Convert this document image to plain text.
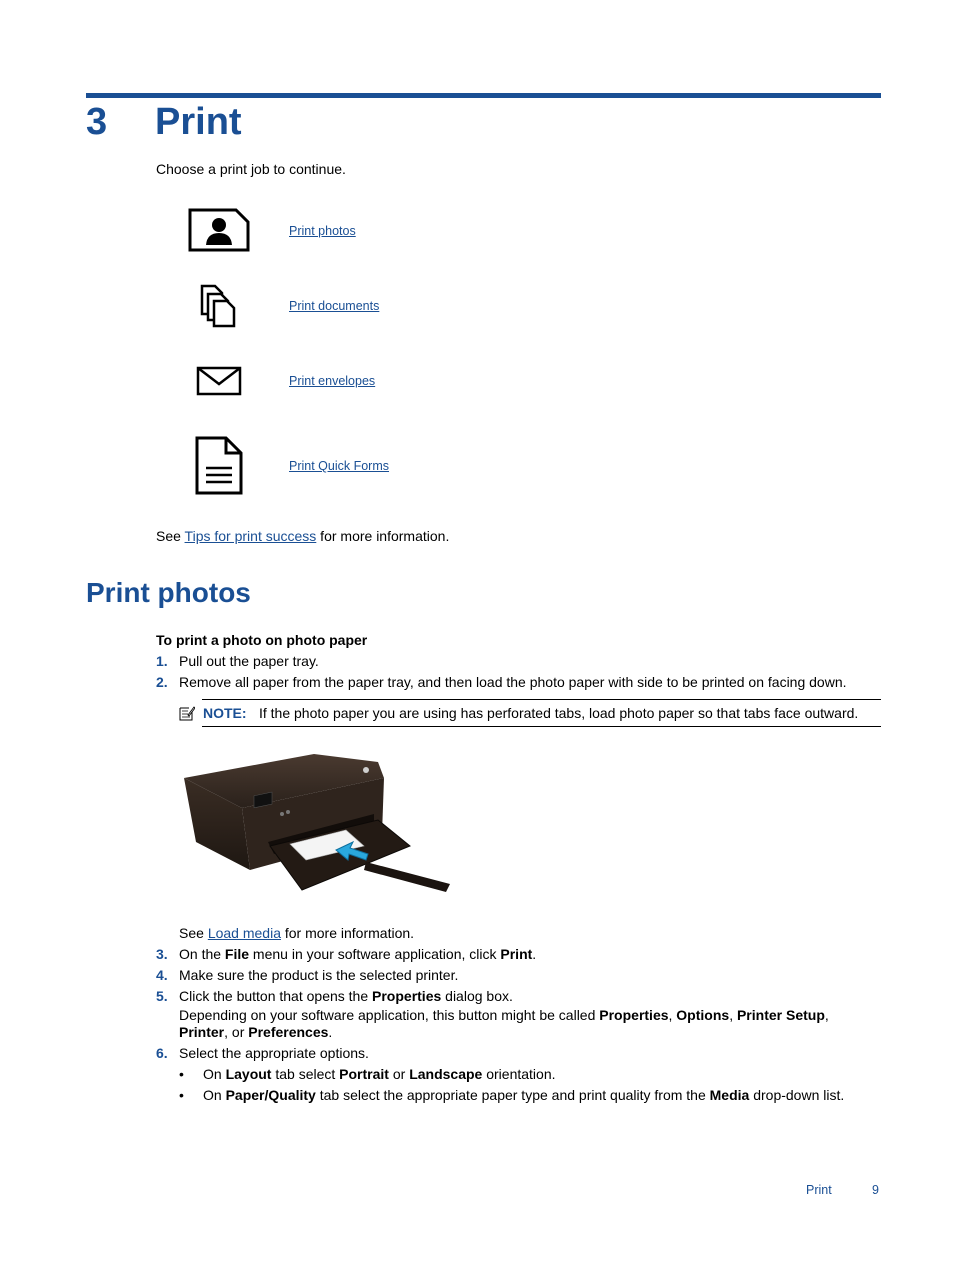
3 Print
Choose a print job to continue.
Print photos
Print documents
Print envelopes
Print Quick Forms
See Tips for print success for more information.
Print photos
To print a photo on photo paper
1. Pull out the paper tray.
2. Remove all paper from the paper tray, and then load the photo paper with side to be printed on facing down.
NOTE: If the photo paper you are using has perforated tabs, load photo paper so that tabs face outward.
See Load media for more information.
3. On the File menu in your software application, click Print.
4. Make sure the product is the selected printer.
5. Click the button that opens the Properties dialog box.
Depending on your software application, this button might be called Properties, Options, Printer Setup,
Printer, or Preferences.
6. Select the appropriate options.
•	On Layout tab select Portrait or Landscape orientation.
•	On Paper/Quality tab select the appropriate paper type and print quality from the Media drop-down list.
Print	9
